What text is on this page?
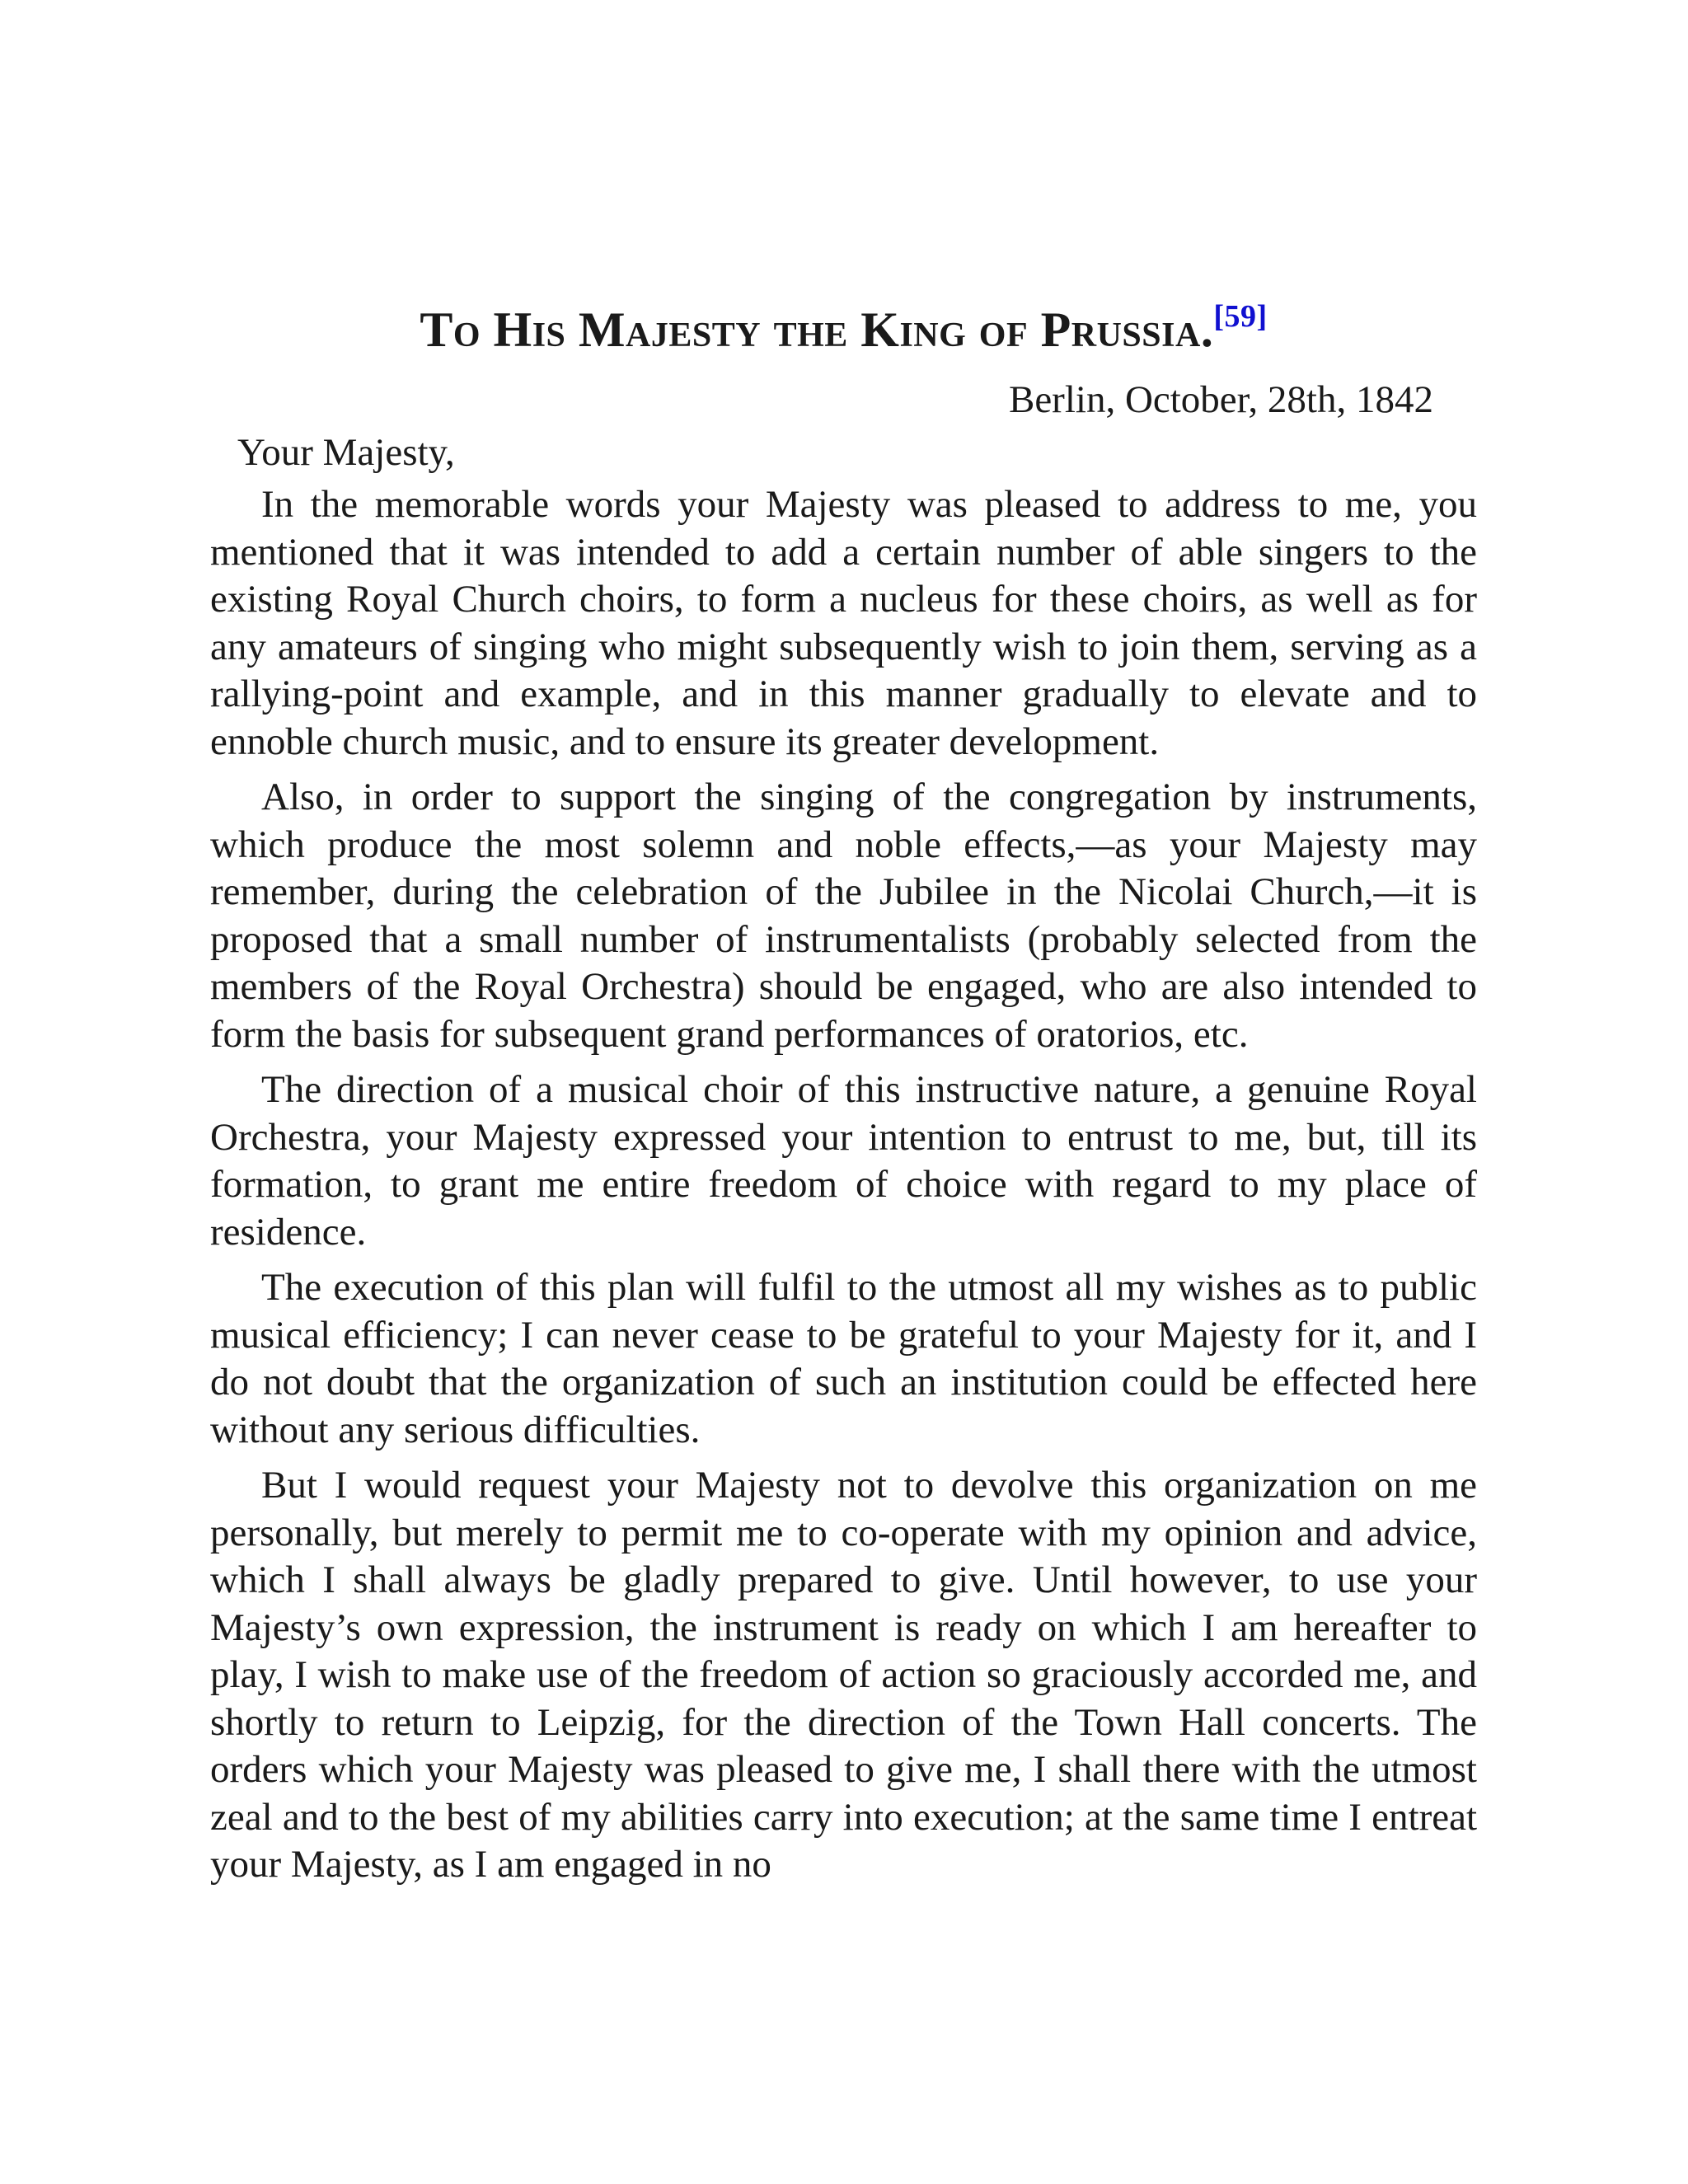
To His Majesty the King of Prussia.[59]
Berlin, October, 28th, 1842
Your Majesty,

In the memorable words your Majesty was pleased to address to me, you mentioned that it was intended to add a certain number of able singers to the existing Royal Church choirs, to form a nucleus for these choirs, as well as for any amateurs of singing who might subsequently wish to join them, serving as a rallying-point and example, and in this manner gradually to elevate and to ennoble church music, and to ensure its greater development.

Also, in order to support the singing of the congregation by instruments, which produce the most solemn and noble effects,—as your Majesty may remember, during the celebration of the Jubilee in the Nicolai Church,—it is proposed that a small number of instrumentalists (probably selected from the members of the Royal Orchestra) should be engaged, who are also intended to form the basis for subsequent grand performances of oratorios, etc.

The direction of a musical choir of this instructive nature, a genuine Royal Orchestra, your Majesty expressed your intention to entrust to me, but, till its formation, to grant me entire freedom of choice with regard to my place of residence.

The execution of this plan will fulfil to the utmost all my wishes as to public musical efficiency; I can never cease to be grateful to your Majesty for it, and I do not doubt that the organization of such an institution could be effected here without any serious difficulties.

But I would request your Majesty not to devolve this organization on me personally, but merely to permit me to co-operate with my opinion and advice, which I shall always be gladly prepared to give. Until however, to use your Majesty’s own expression, the instrument is ready on which I am hereafter to play, I wish to make use of the freedom of action so graciously accorded me, and shortly to return to Leipzig, for the direction of the Town Hall concerts. The orders which your Majesty was pleased to give me, I shall there with the utmost zeal and to the best of my abilities carry into execution; at the same time I entreat your Majesty, as I am engaged in no
